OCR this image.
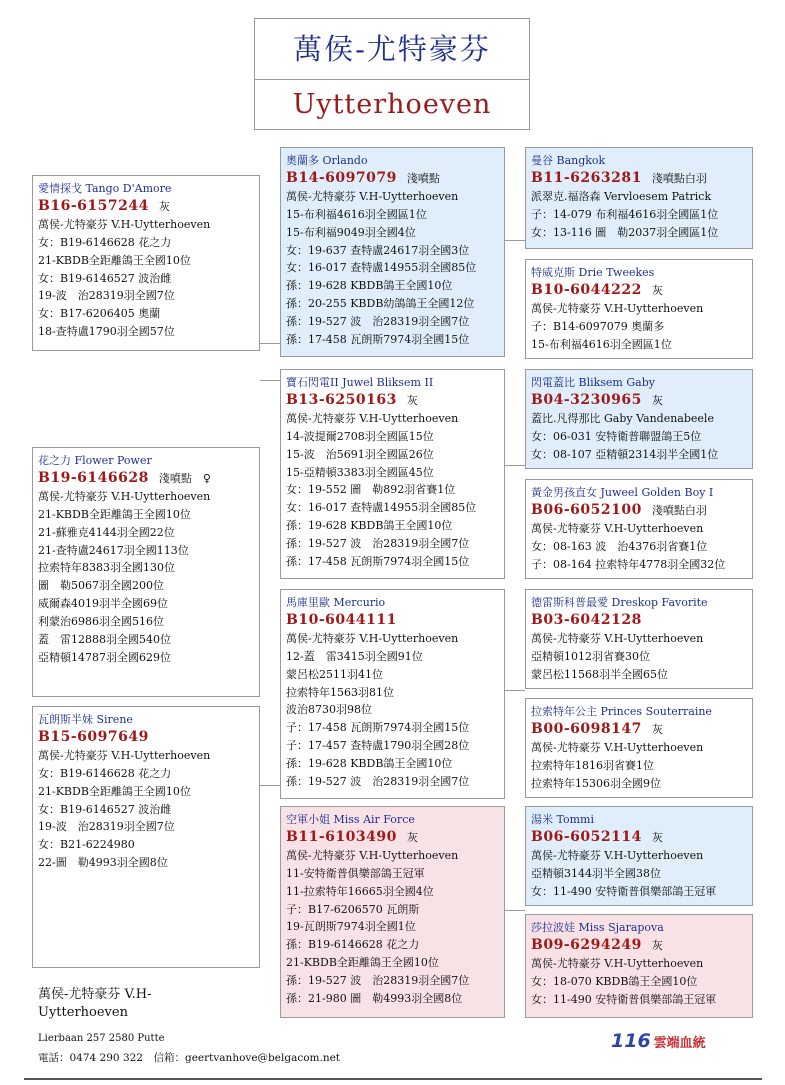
萬侯-尤特豪芬
Uytterhoeven
愛情探戈 Tango D'Amore
B16-6157244 灰
萬侯-尤特豪芬 V.H-Uytterhoeven
女：B19-6146628 花之力
21-KBDB全距離鴿王全國10位
女：B19-6146527 波治雌
19-波　治28319羽全國7位
女：B17-6206405 奧蘭
18-查特盧1790羽全國57位
花之力 Flower Power
B19-6146628 淺噴點　♀
萬侯-尤特豪芬 V.H-Uytterhoeven
21-KBDB全距離鴿王全國10位
21-蘇雅克4144羽全國22位
21-查特盧24617羽全國113位
拉索特年8383羽全國130位
圖　勒5067羽全國200位
威爾森4019羽半全國69位
利蒙治6986羽全國516位
蓋　雷12888羽全國540位
亞精頓14787羽全國629位
瓦朗斯半妹 Sirene
B15-6097649
萬侯-尤特豪芬 V.H-Uytterhoeven
女：B19-6146628 花之力
21-KBDB全距離鴿王全國10位
女：B19-6146527 波治雌
19-波　治28319羽全國7位
女：B21-6224980
22-圖　勒4993羽全國8位
奧蘭多 Orlando
B14-6097079 淺噴點
萬侯-尤特豪芬 V.H-Uytterhoeven
15-布利福4616羽全國區1位
15-布利福9049羽全國4位
女：19-637 查特盧24617羽全國3位
女：16-017 查特盧14955羽全國85位
孫：19-628 KBDB鴿王全國10位
孫：20-255 KBDB幼鴿鴿王全國12位
孫：19-527 波　治28319羽全國7位
孫：17-458 瓦朗斯7974羽全國15位
寶石閃電II Juwel Bliksem II
B13-6250163 灰
萬侯-尤特豪芬 V.H-Uytterhoeven
14-波提爾2708羽全國區15位
15-波　治5691羽全國區26位
15-亞精頓3383羽全國區45位
女：19-552 圖　勒892羽省賽1位
女：16-017 查特盧14955羽全國85位
孫：19-628 KBDB鴿王全國10位
孫：19-527 波　治28319羽全國7位
孫：17-458 瓦朗斯7974羽全國15位
馬庫里歐 Mercurio
B10-6044111
萬侯-尤特豪芬 V.H-Uytterhoeven
12-蓋　雷3415羽全國91位
蒙呂松2511羽41位
拉索特年1563羽81位
波治8730羽98位
子：17-458 瓦朗斯7974羽全國15位
子：17-457 查特盧1790羽全國28位
孫：19-628 KBDB鴿王全國10位
孫：19-527 波　治28319羽全國7位
空軍小姐 Miss Air Force
B11-6103490 灰
萬侯-尤特豪芬 V.H-Uytterhoeven
11-安特衛普俱樂部鴿王冠軍
11-拉索特年16665羽全國4位
子：B17-6206570 瓦朗斯
19-瓦朗斯7974羽全國1位
孫：B19-6146628 花之力
21-KBDB全距離鴿王全國10位
孫：19-527 波　治28319羽全國7位
孫：21-980 圖　勒4993羽全國8位
曼谷 Bangkok
B11-6263281 淺噴點白羽
派翠克.福洛森 Vervloesem Patrick
子：14-079 布利福4616羽全國區1位
女：13-116 圖　勒2037羽全國區1位
特威克斯 Drie Tweekes
B10-6044222 灰
萬侯-尤特豪芬 V.H-Uytterhoeven
子：B14-6097079 奧蘭多
15-布利福4616羽全國區1位
閃電蓋比 Bliksem Gaby
B04-3230965 灰
蓋比.凡得那比 Gaby Vandenabeele
女：06-031 安特衛普聯盟鴿王5位
女：08-107 亞精頓2314羽半全國1位
黃金男孩直女 Juweel Golden Boy I
B06-6052100 淺噴點白羽
萬侯-尤特豪芬 V.H-Uytterhoeven
女：08-163 波　治4376羽省賽1位
子：08-164 拉索特年4778羽全國32位
德雷斯科普最愛 Dreskop Favorite
B03-6042128
萬侯-尤特豪芬 V.H-Uytterhoeven
亞精頓1012羽省賽30位
蒙呂松11568羽半全國65位
拉索特年公主 Princes Souterraine
B00-6098147 灰
萬侯-尤特豪芬 V.H-Uytterhoeven
拉索特年1816羽省賽1位
拉索特年15306羽全國9位
湯米 Tommi
B06-6052114 灰
萬侯-尤特豪芬 V.H-Uytterhoeven
亞精頓3144羽半全國38位
女：11-490 安特衛普俱樂部鴿王冠軍
莎拉波娃 Miss Sjarapova
B09-6294249 灰
萬侯-尤特豪芬 V.H-Uytterhoeven
女：18-070 KBDB鴿王全國10位
女：11-490 安特衛普俱樂部鴿王冠軍
萬侯-尤特豪芬 V.H-Uytterhoeven
Lierbaan 257 2580 Putte
電話：0474 290 322　信箱：geertvanhove@belgacom.net
116 雲端血統
